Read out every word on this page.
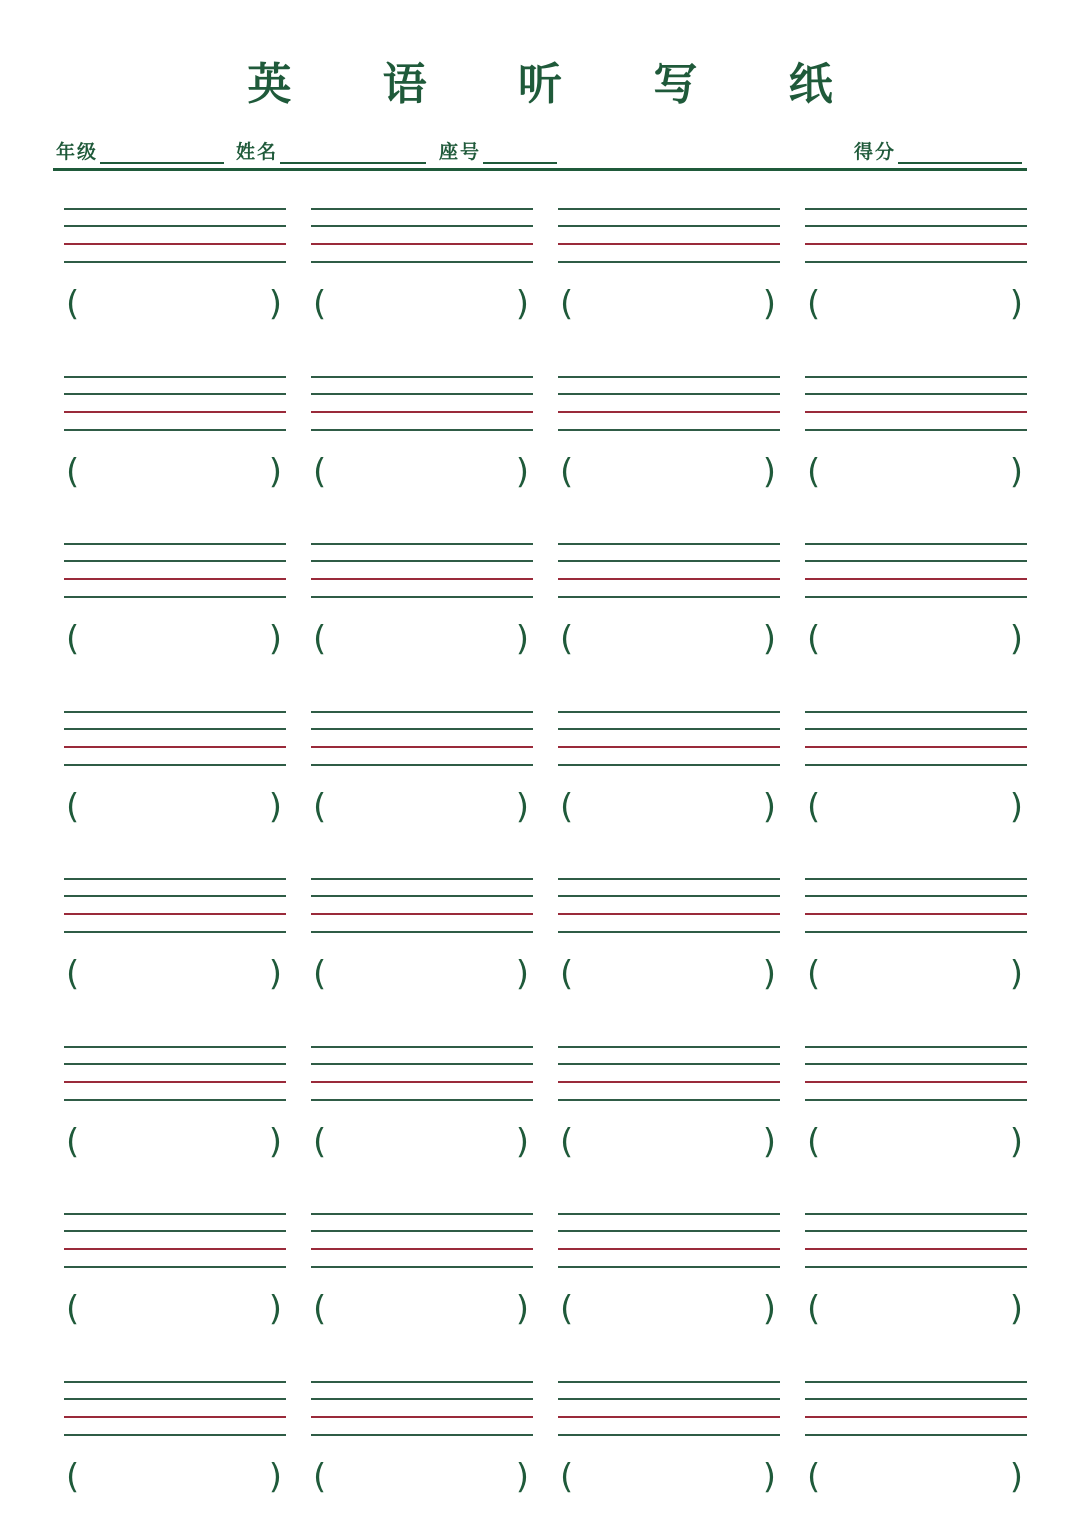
英 语 听 写 纸
年级	姓名	座号	得分
(	) (	) (	) (	)
(	) (	) (	) (	)
(	) (	) (	) (	)
(	) (	) (	) (	)
(	) (	) (	) (	)
(	) (	) (	) (	)
(	) (	) (	) (	)
(	) (	) (	) (	)
